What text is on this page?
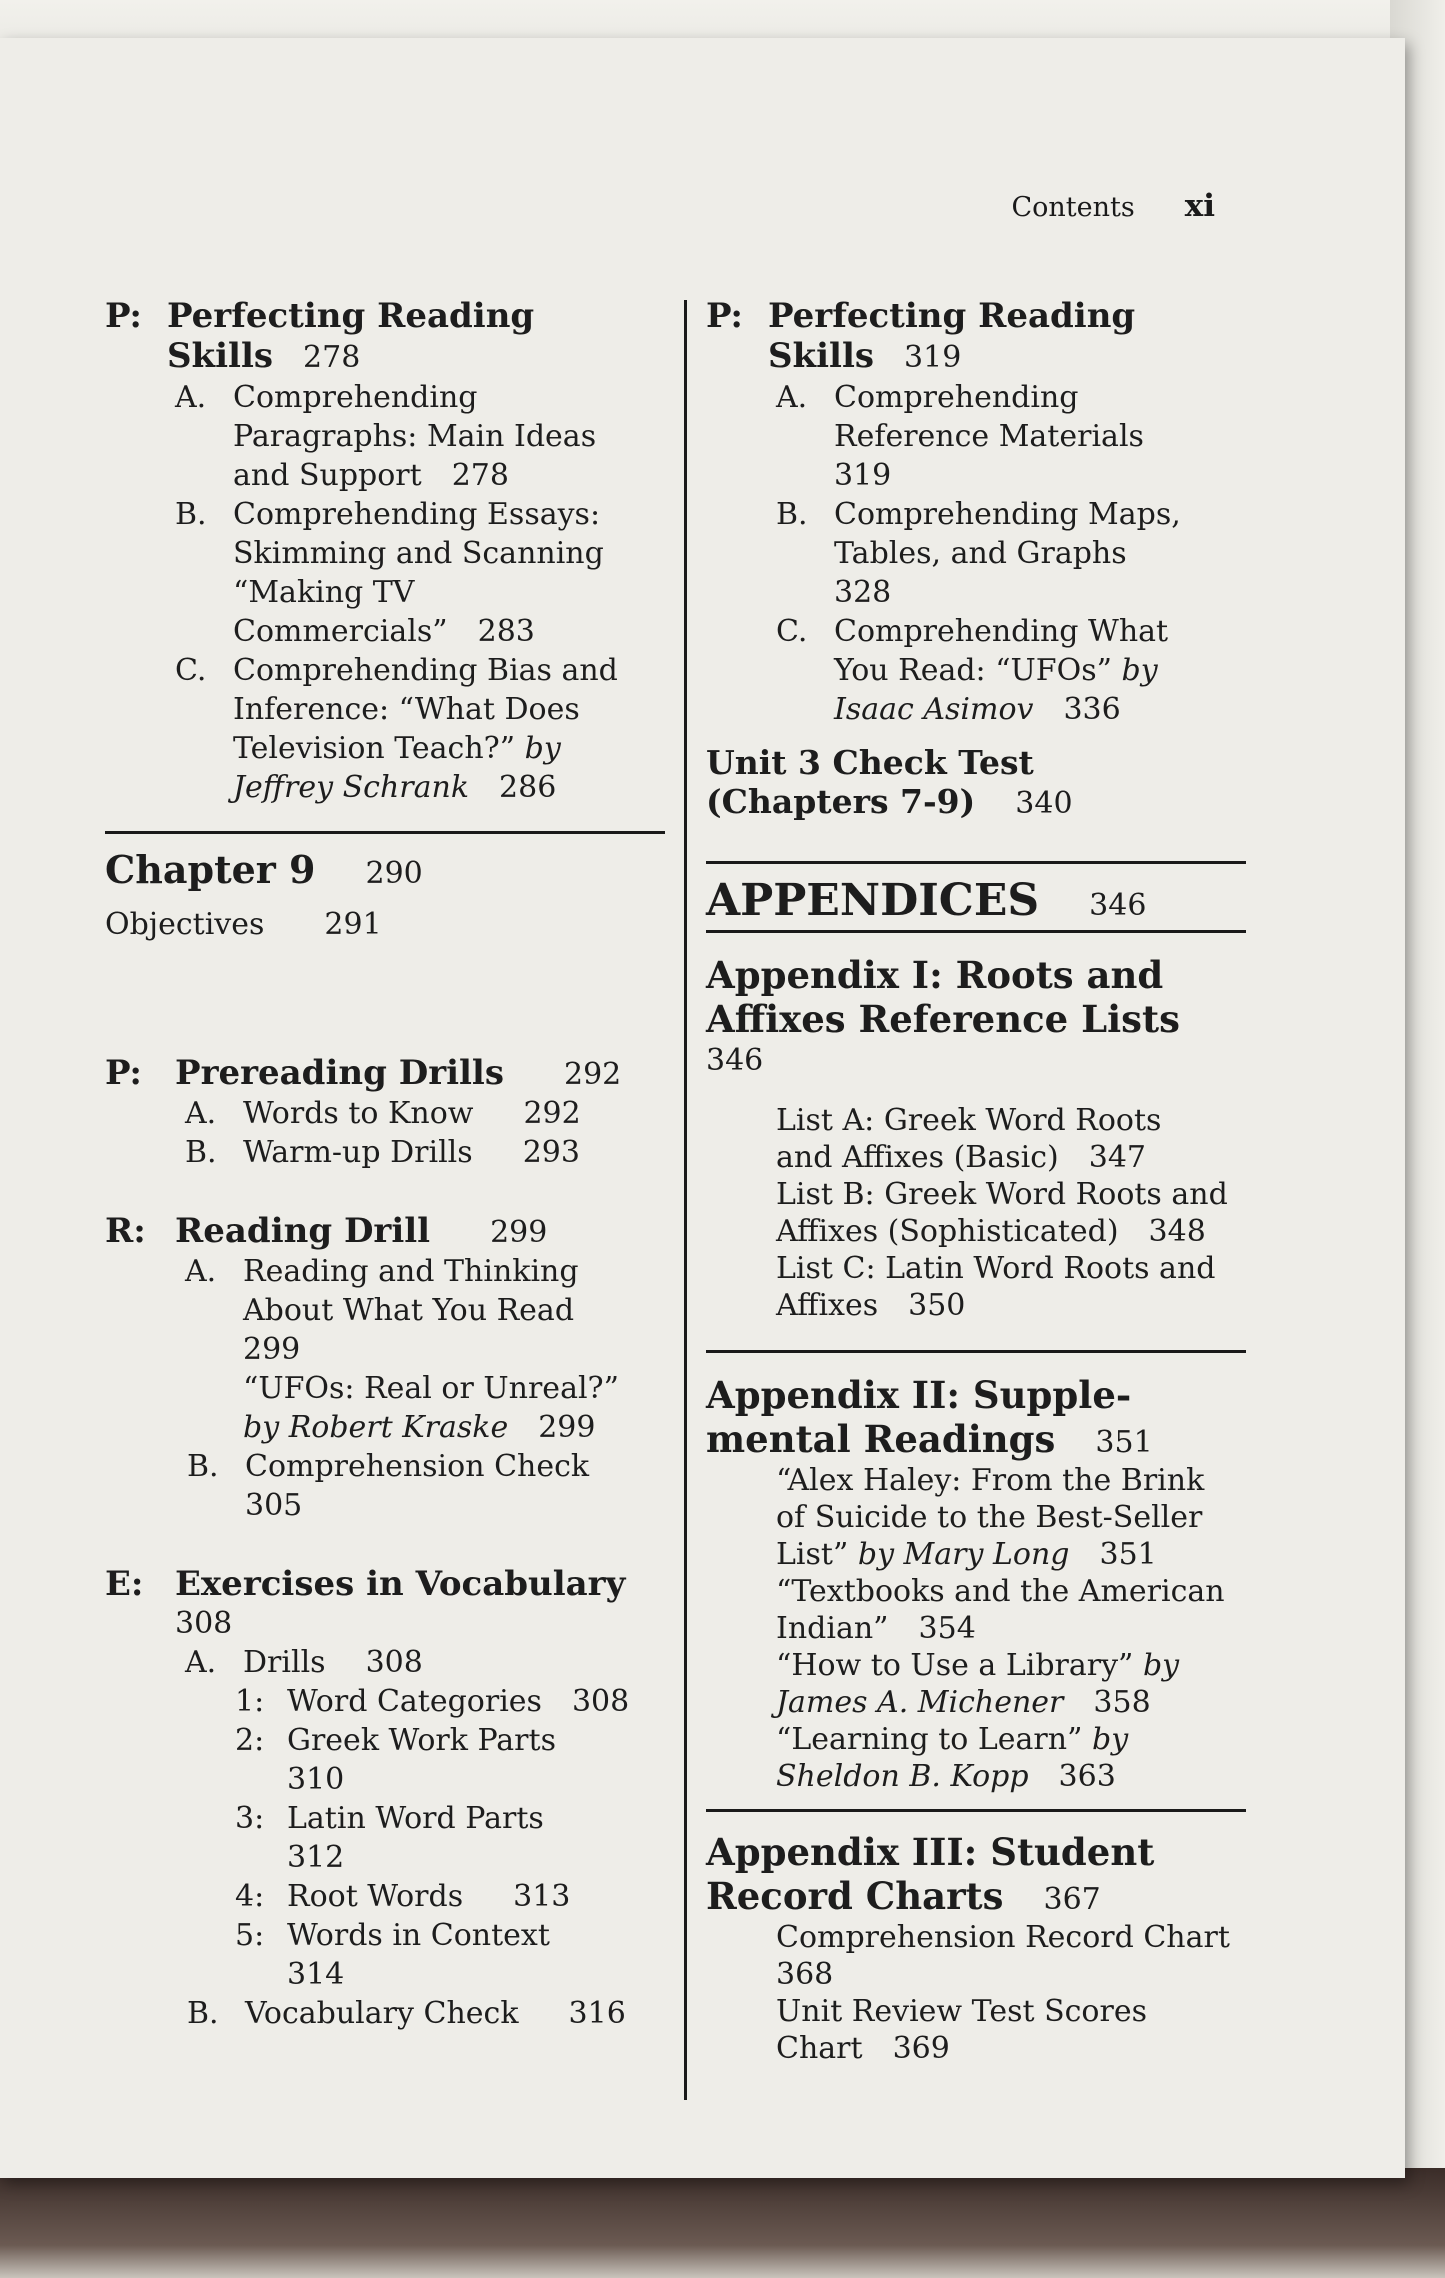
Contents xi
P: Perfecting Reading
Skills 278
A. Comprehending
Paragraphs: Main Ideas
and Support 278
B. Comprehending Essays:
Skimming and Scanning
“Making TV
Commercials” 283
C. Comprehending Bias and
Inference: “What Does
Television Teach?” by
Jeffrey Schrank 286
Chapter 9 290
Objectives 291
P: Prereading Drills 292
A. Words to Know 292
B. Warm-up Drills 293
R: Reading Drill 299
A. Reading and Thinking
About What You Read
299
“UFOs: Real or Unreal?”
by Robert Kraske 299
B. Comprehension Check
305
E: Exercises in Vocabulary
308
A. Drills 308
1: Word Categories 308
2: Greek Work Parts
310
3: Latin Word Parts
312
4: Root Words 313
5: Words in Context
314
B. Vocabulary Check 316
P: Perfecting Reading
Skills 319
A. Comprehending
Reference Materials
319
B. Comprehending Maps,
Tables, and Graphs
328
C. Comprehending What
You Read: “UFOs” by
Isaac Asimov 336
Unit 3 Check Test
(Chapters 7-9) 340
APPENDICES 346
Appendix I: Roots and
Affixes Reference Lists
346
List A: Greek Word Roots
and Affixes (Basic) 347
List B: Greek Word Roots and
Affixes (Sophisticated) 348
List C: Latin Word Roots and
Affixes 350
Appendix II: Supple-
mental Readings 351
“Alex Haley: From the Brink
of Suicide to the Best-Seller
List” by Mary Long 351
“Textbooks and the American
Indian” 354
“How to Use a Library” by
James A. Michener 358
“Learning to Learn” by
Sheldon B. Kopp 363
Appendix III: Student
Record Charts 367
Comprehension Record Chart
368
Unit Review Test Scores
Chart 369
